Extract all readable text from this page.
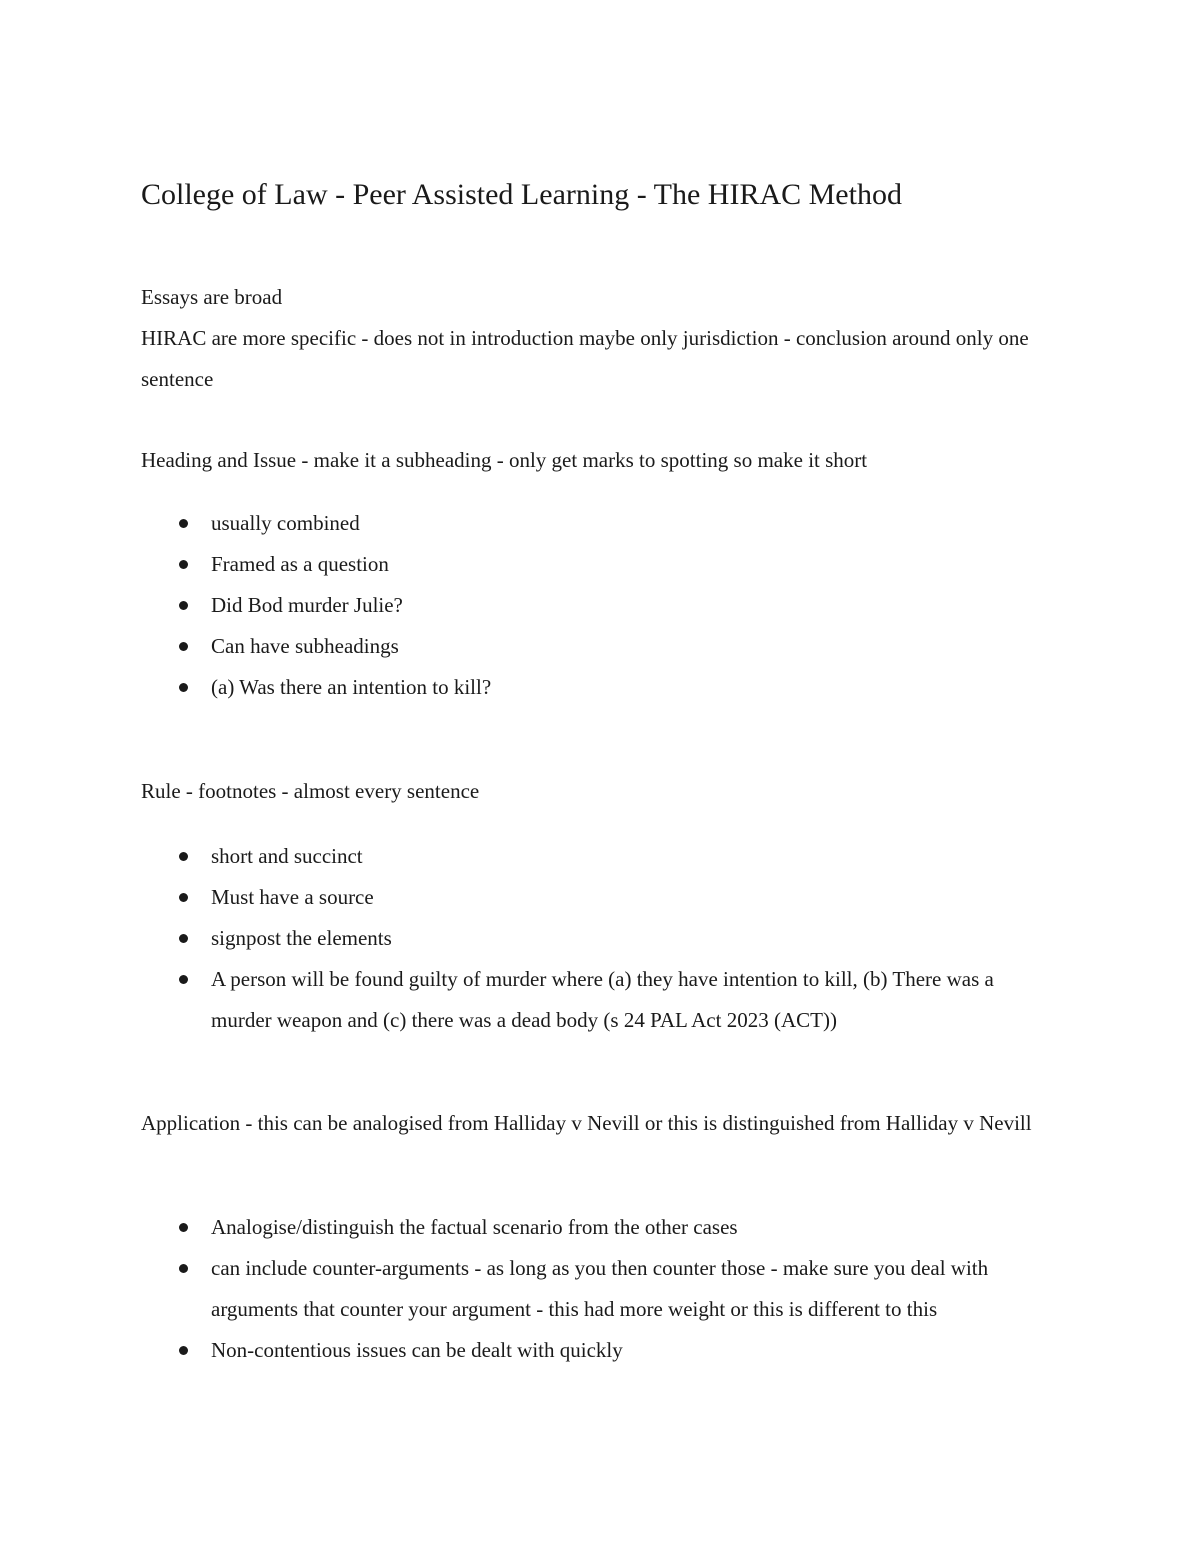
College of Law - Peer Assisted Learning - The HIRAC Method

Essays are broad

HIRAC are more specific - does not in introduction maybe only jurisdiction - conclusion around only one sentence

Heading and Issue - make it a subheading - only get marks to spotting so make it short

usually combined
Framed as a question
Did Bod murder Julie?
Can have subheadings
(a) Was there an intention to kill?

Rule - footnotes - almost every sentence

short and succinct
Must have a source
signpost the elements
A person will be found guilty of murder where (a) they have intention to kill, (b) There was a murder weapon and (c) there was a dead body (s 24 PAL Act 2023 (ACT))

Application - this can be analogised from Halliday v Nevill or this is distinguished from Halliday v Nevill

Analogise/distinguish the factual scenario from the other cases
can include counter-arguments - as long as you then counter those - make sure you deal with arguments that counter your argument - this had more weight or this is different to this
Non-contentious issues can be dealt with quickly
